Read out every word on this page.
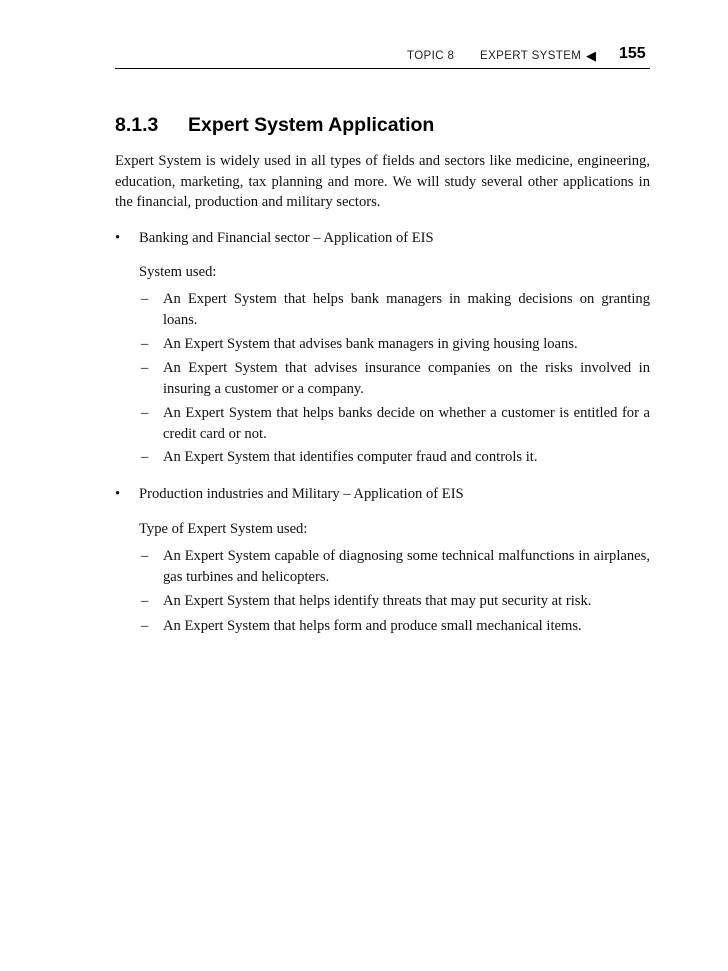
TOPIC 8 EXPERT SYSTEM ◀ 155
8.1.3 Expert System Application
Expert System is widely used in all types of fields and sectors like medicine, engineering, education, marketing, tax planning and more. We will study several other applications in the financial, production and military sectors.
• Banking and Financial sector – Application of EIS
System used:
– An Expert System that helps bank managers in making decisions on granting loans.
– An Expert System that advises bank managers in giving housing loans.
– An Expert System that advises insurance companies on the risks involved in insuring a customer or a company.
– An Expert System that helps banks decide on whether a customer is entitled for a credit card or not.
– An Expert System that identifies computer fraud and controls it.
• Production industries and Military – Application of EIS
Type of Expert System used:
– An Expert System capable of diagnosing some technical malfunctions in airplanes, gas turbines and helicopters.
– An Expert System that helps identify threats that may put security at risk.
– An Expert System that helps form and produce small mechanical items.
